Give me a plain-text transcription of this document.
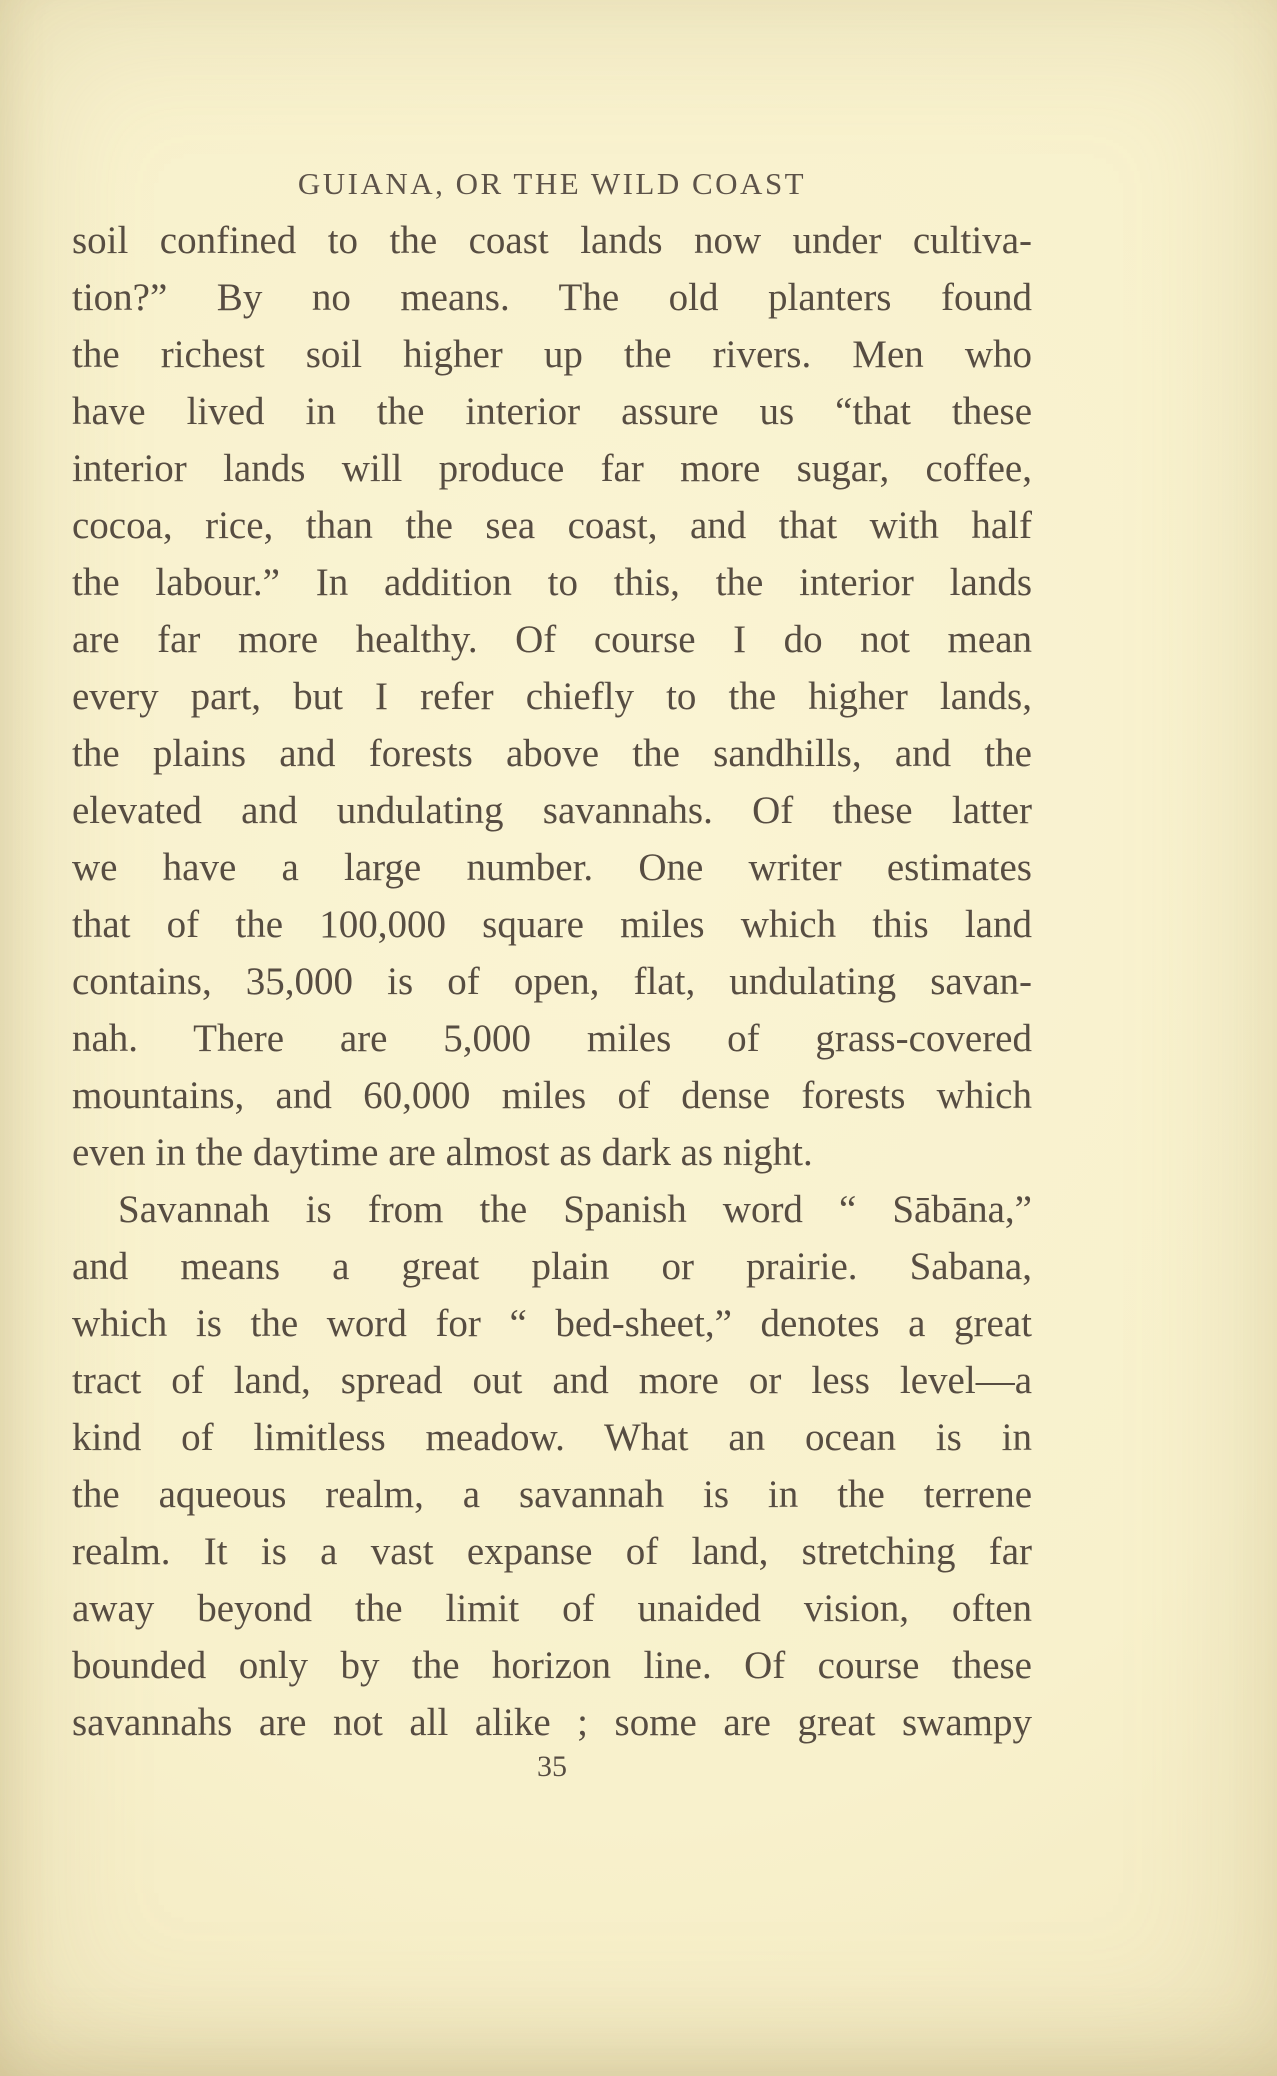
GUIANA, OR THE WILD COAST
soil confined to the coast lands now under cultiva-
tion?” By no means. The old planters found
the richest soil higher up the rivers. Men who
have lived in the interior assure us “that these
interior lands will produce far more sugar, coffee,
cocoa, rice, than the sea coast, and that with half
the labour.” In addition to this, the interior lands
are far more healthy. Of course I do not mean
every part, but I refer chiefly to the higher lands,
the plains and forests above the sandhills, and the
elevated and undulating savannahs. Of these latter
we have a large number. One writer estimates
that of the 100,000 square miles which this land
contains, 35,000 is of open, flat, undulating savan-
nah. There are 5,000 miles of grass-covered
mountains, and 60,000 miles of dense forests which
even in the daytime are almost as dark as night.
Savannah is from the Spanish word “ Sābāna,”
and means a great plain or prairie. Sabana,
which is the word for “ bed-sheet,” denotes a great
tract of land, spread out and more or less level—a
kind of limitless meadow. What an ocean is in
the aqueous realm, a savannah is in the terrene
realm. It is a vast expanse of land, stretching far
away beyond the limit of unaided vision, often
bounded only by the horizon line. Of course these
savannahs are not all alike ; some are great swampy
35
